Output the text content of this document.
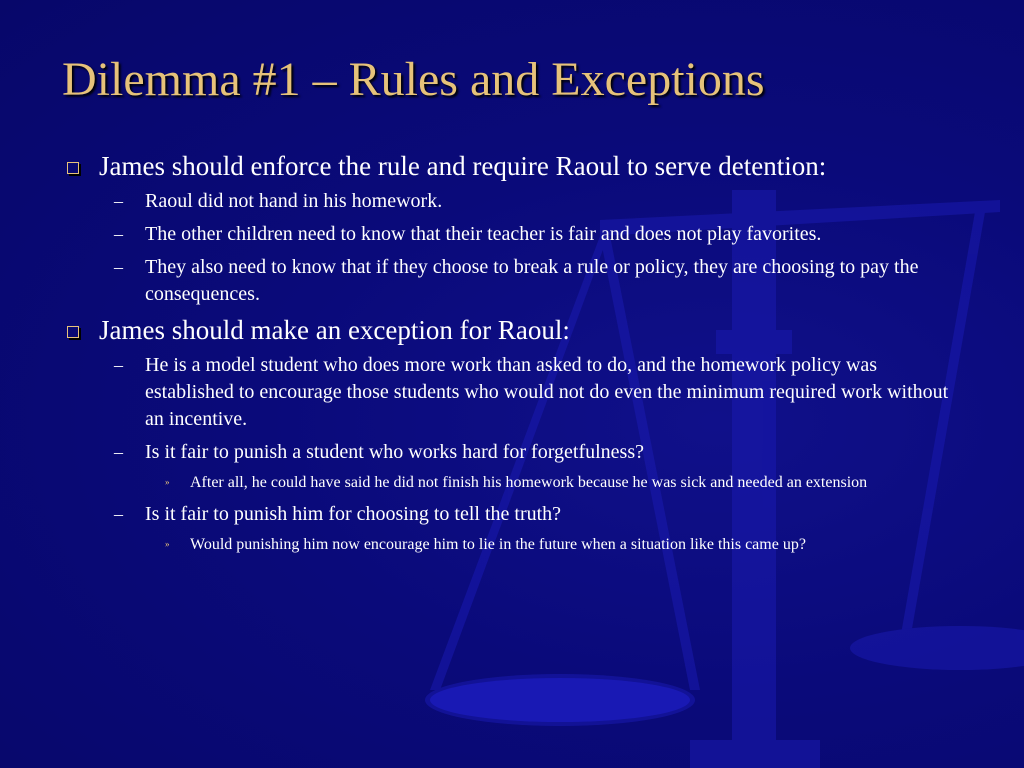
Dilemma #1 – Rules and Exceptions
James should enforce the rule and require Raoul to serve detention:
– Raoul did not hand in his homework.
– The other children need to know that their teacher is fair and does not play favorites.
– They also need to know that if they choose to break a rule or policy, they are choosing to pay the consequences.
James should make an exception for Raoul:
– He is a model student who does more work than asked to do, and the homework policy was established to encourage those students who would not do even the minimum required work without an incentive.
– Is it fair to punish a student who works hard for forgetfulness?
» After all, he could have said he did not finish his homework because he was sick and needed an extension
– Is it fair to punish him for choosing to tell the truth?
» Would punishing him now encourage him to lie in the future when a situation like this came up?
